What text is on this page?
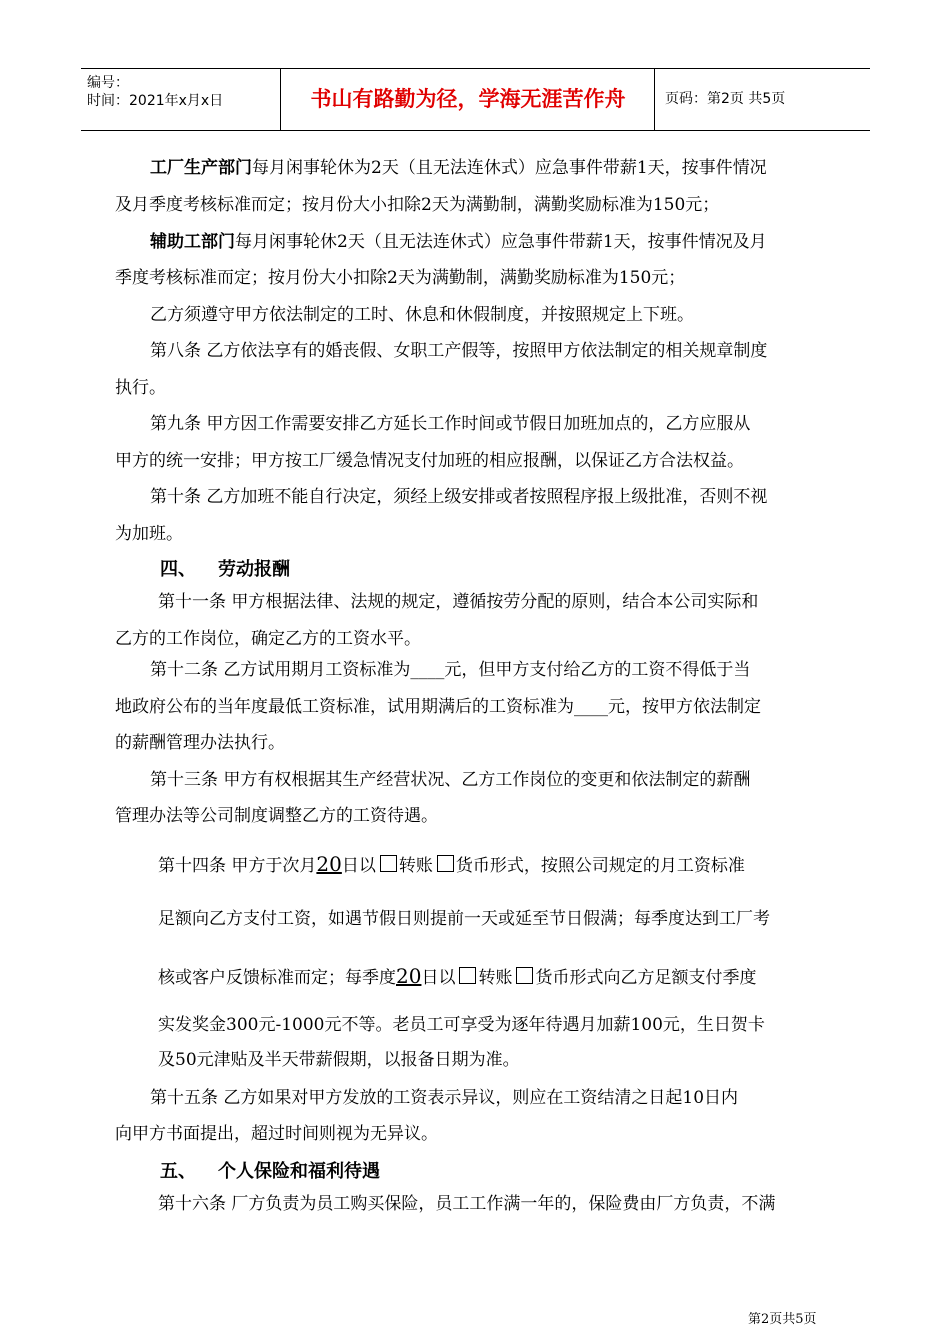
编号：
时间：2021年x月x日	书山有路勤为径，学海无涯苦作舟	页码：第2页 共5页
工厂生产部门每月闲事轮休为2天（且无法连休式）应急事件带薪1天，按事件情况
及月季度考核标准而定；按月份大小扣除2天为满勤制，满勤奖励标准为150元；
辅助工部门每月闲事轮休2天（且无法连休式）应急事件带薪1天，按事件情况及月
季度考核标准而定；按月份大小扣除2天为满勤制，满勤奖励标准为150元；
乙方须遵守甲方依法制定的工时、休息和休假制度，并按照规定上下班。
第八条 乙方依法享有的婚丧假、女职工产假等，按照甲方依法制定的相关规章制度
执行。
第九条 甲方因工作需要安排乙方延长工作时间或节假日加班加点的，乙方应服从
甲方的统一安排；甲方按工厂缓急情况支付加班的相应报酬，以保证乙方合法权益。
第十条 乙方加班不能自行决定，须经上级安排或者按照程序报上级批准，否则不视
为加班。
四、 劳动报酬
第十一条 甲方根据法律、法规的规定，遵循按劳分配的原则，结合本公司实际和
乙方的工作岗位，确定乙方的工资水平。
第十二条 乙方试用期月工资标准为____元，但甲方支付给乙方的工资不得低于当
地政府公布的当年度最低工资标准，试用期满后的工资标准为____元，按甲方依法制定
的薪酬管理办法执行。
第十三条 甲方有权根据其生产经营状况、乙方工作岗位的变更和依法制定的薪酬
管理办法等公司制度调整乙方的工资待遇。
第十四条 甲方于次月20日以 转账 货币形式，按照公司规定的月工资标准
足额向乙方支付工资，如遇节假日则提前一天或延至节日假满；每季度达到工厂考
核或客户反馈标准而定；每季度20日以 转账 货币形式向乙方足额支付季度
实发奖金300元-1000元不等。老员工可享受为逐年待遇月加薪100元，生日贺卡
及50元津贴及半天带薪假期，以报备日期为准。
第十五条 乙方如果对甲方发放的工资表示异议，则应在工资结清之日起10日内
向甲方书面提出，超过时间则视为无异议。
五、 个人保险和福利待遇
第十六条 厂方负责为员工购买保险，员工工作满一年的，保险费由厂方负责，不满
第2页共5页
